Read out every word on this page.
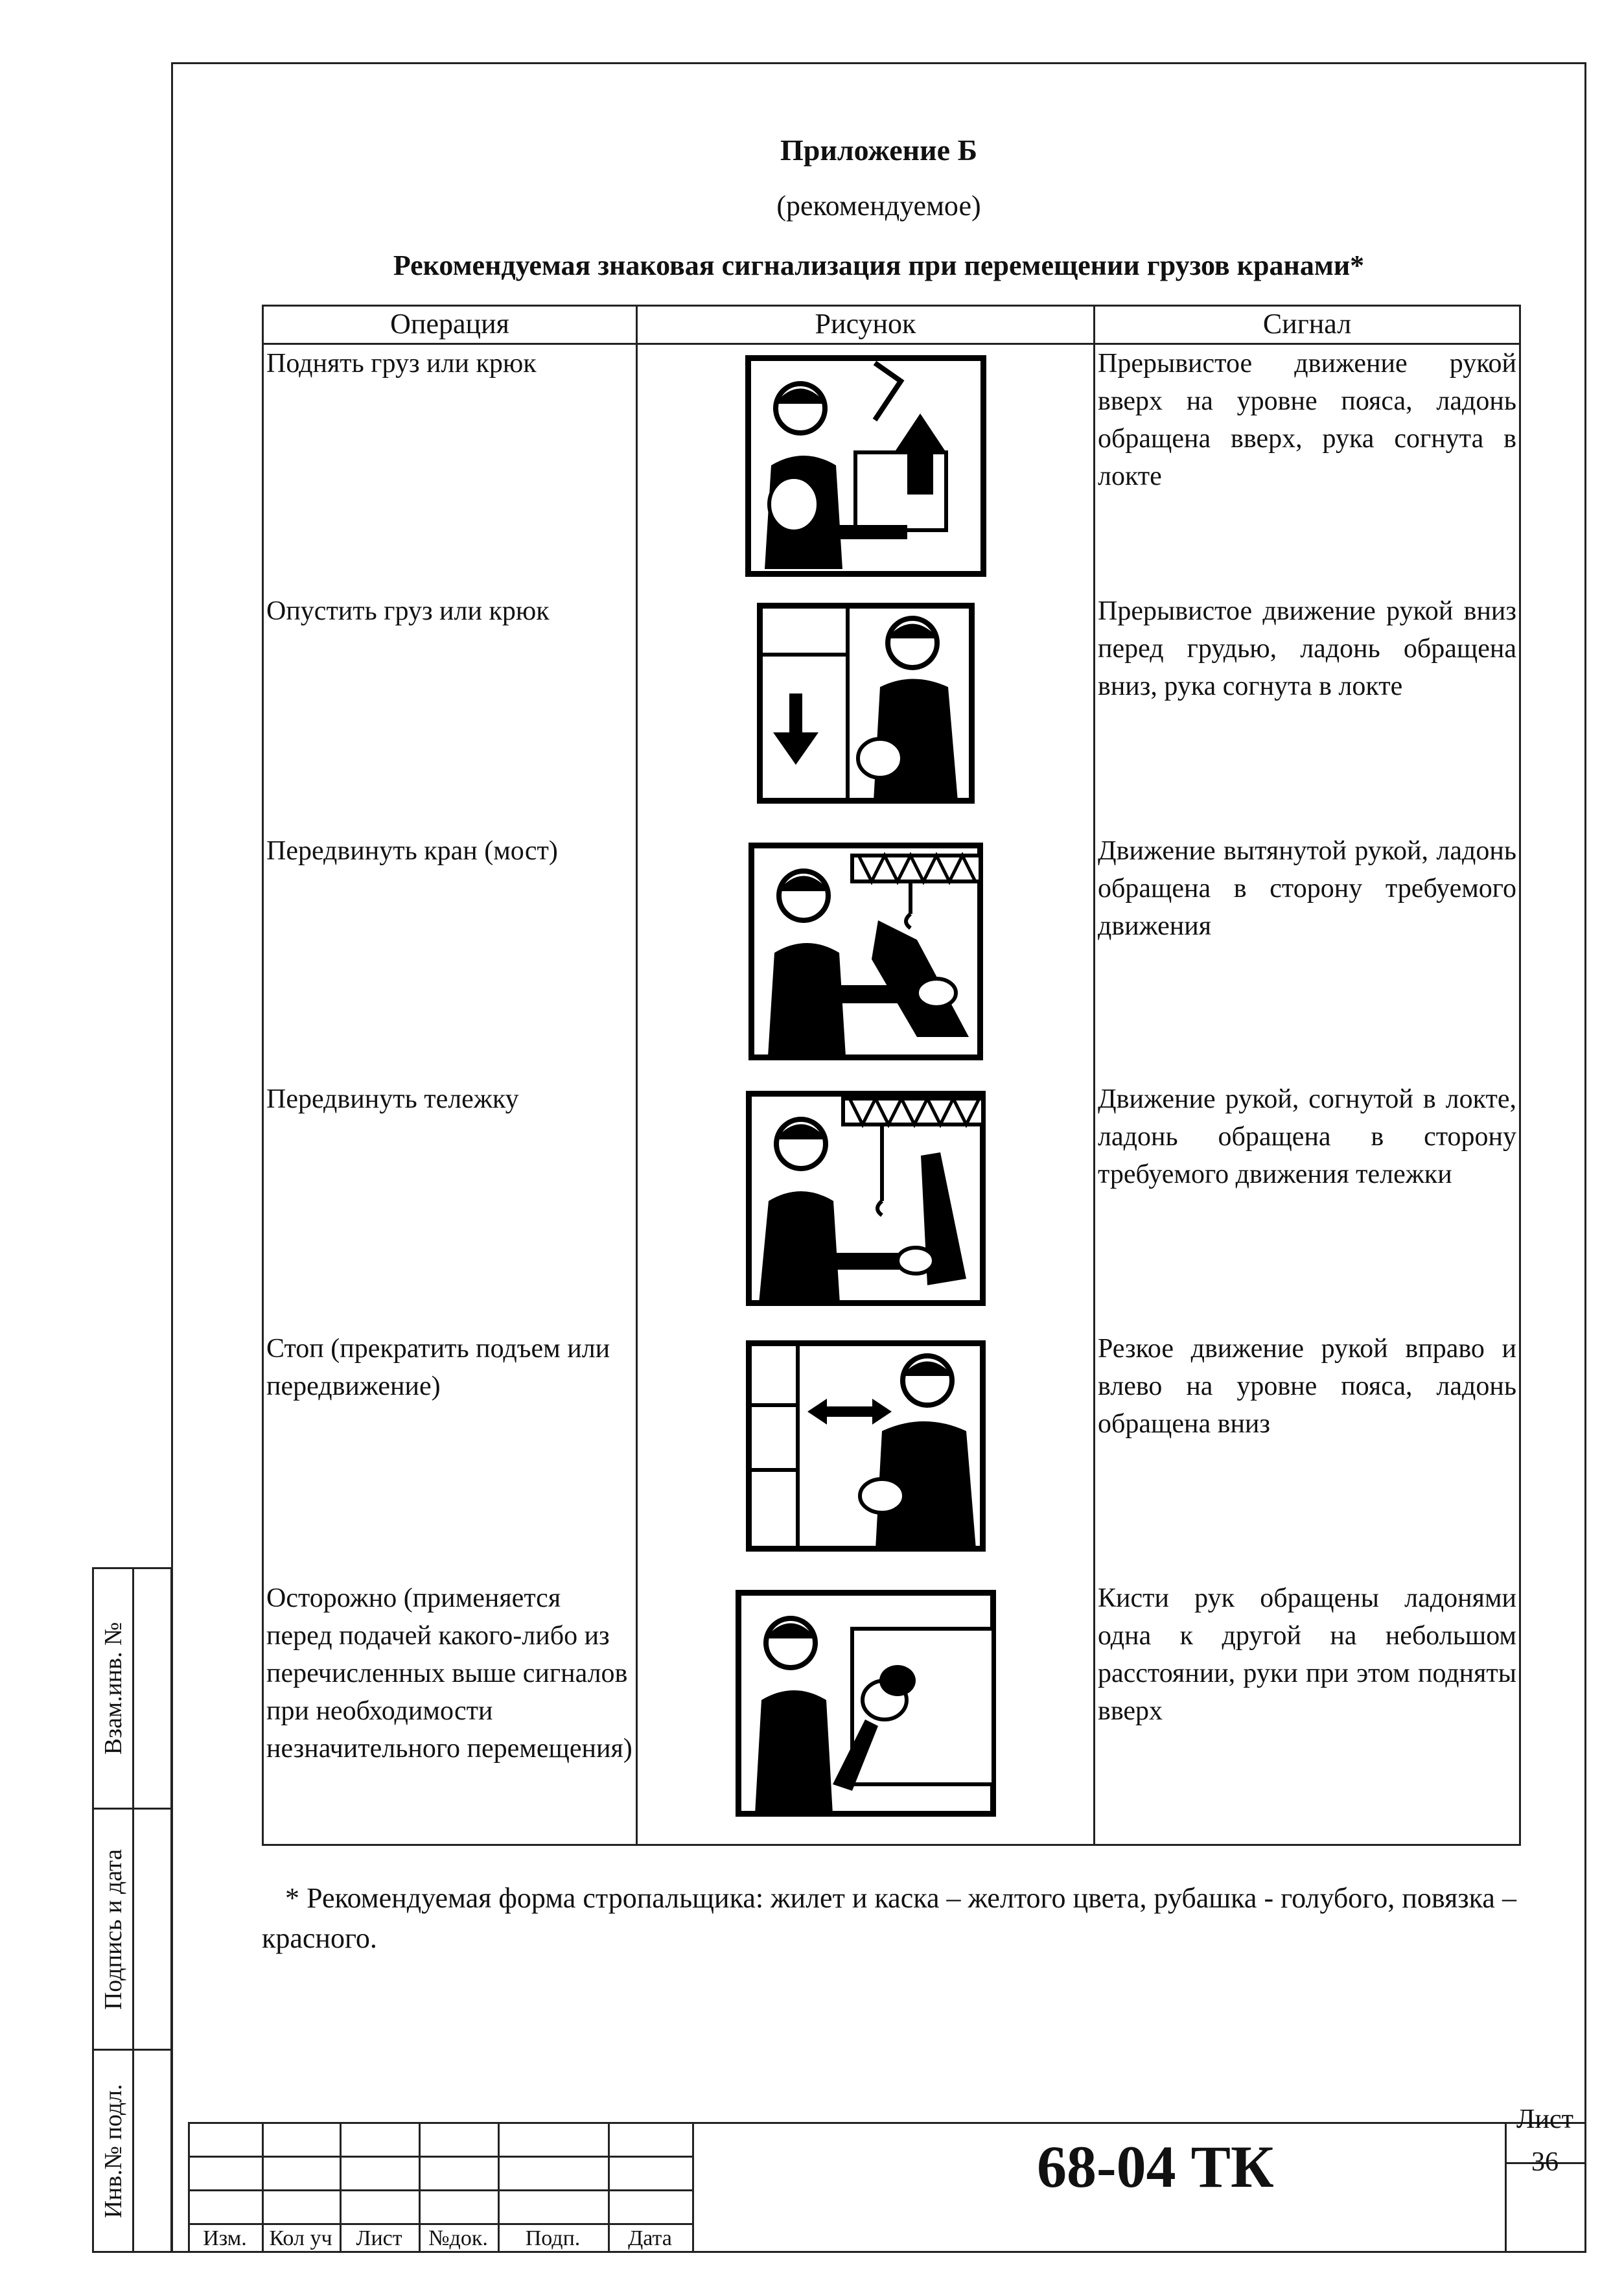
Приложение Б
(рекомендуемое)
Рекомендуемая знаковая сигнализация при перемещении грузов кранами*
Операция	Рисунок	Сигнал
Поднять груз или крюк		Прерывистое движение рукой вверх на уровне пояса, ладонь обращена вверх, рука согнута в локте
Опустить груз или крюк		Прерывистое движение рукой вниз перед грудью, ладонь обращена вниз, рука согнута в локте
Передвинуть кран (мост)		Движение вытянутой рукой, ладонь обращена в сторону требуемого движения
Передвинуть тележку		Движение рукой, согнутой в локте, ладонь обращена в сторону требуемого движения тележки
Стоп (прекратить подъем или передвижение)		Резкое движение рукой вправо и влево на уровне пояса, ладонь обращена вниз
Осторожно (применяется перед подачей какого-либо из перечисленных выше сигналов при необходимости незначительного перемещения)		Кисти рук обращены ладонями одна к другой на небольшом расстоянии, руки при этом подняты вверх
* Рекомендуемая форма стропальщика: жилет и каска – желтого цвета, рубашка - голубого, повязка – красного.
Взам.инв. №
Подпись и дата
Инв.№ подл.
Изм.	Кол уч	Лист	№док.	Подп.	Дата
68-04 ТК
Лист
36
